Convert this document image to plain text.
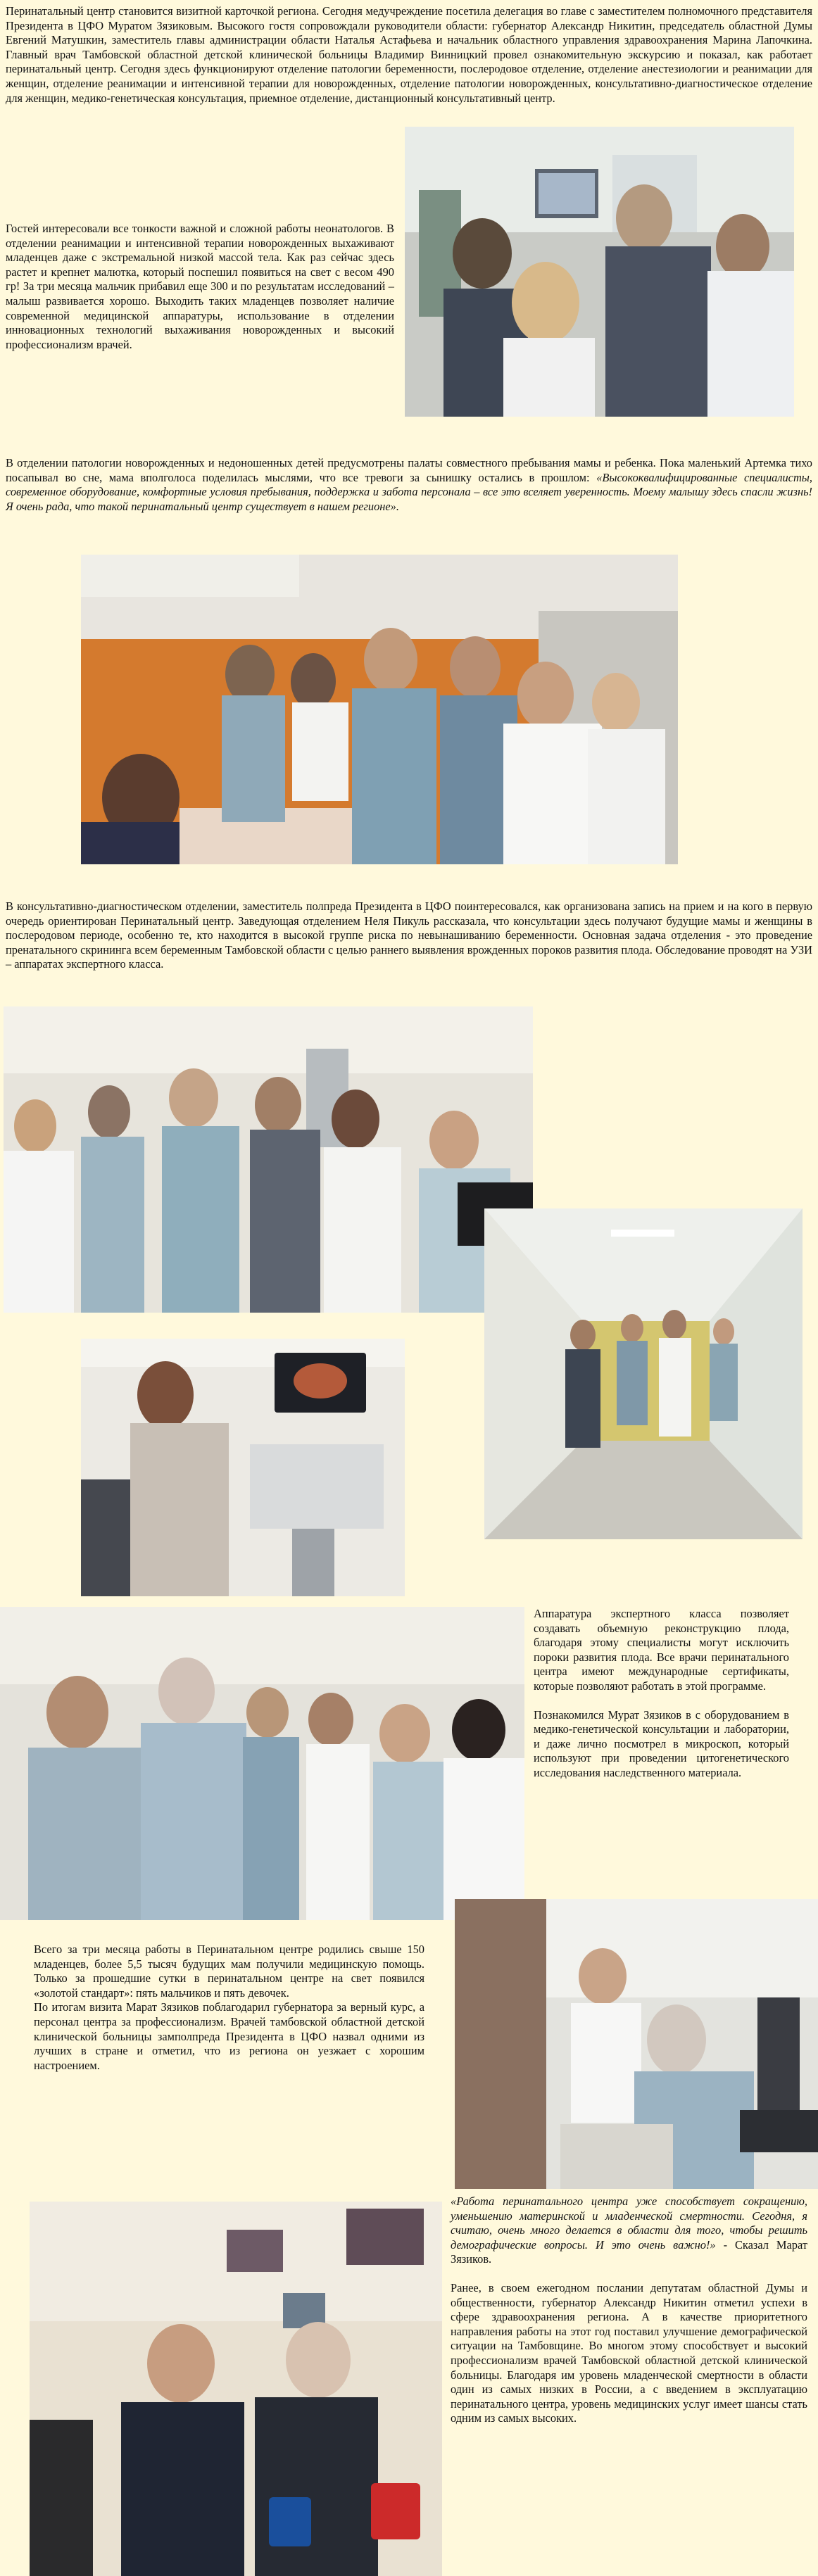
Перинатальный центр становится визитной карточкой региона. Сегодня медучреждение посетила делегация во главе с заместителем полномочного представителя Президента в ЦФО Муратом Зязиковым. Высокого гостя сопровождали руководители области: губернатор Александр Никитин, председатель областной Думы Евгений Матушкин, заместитель главы администрации области Наталья Астафьева и начальник областного управления здравоохранения Марина Лапочкина. Главный врач Тамбовской областной детской клинической больницы Владимир Винницкий провел ознакомительную экскурсию и показал, как работает перинатальный центр. Сегодня здесь функционируют отделение патологии беременности, послеродовое отделение, отделение анестезиологии и реанимации для женщин, отделение реанимации и интенсивной терапии для новорожденных, отделение патологии новорожденных, консультативно-диагностическое отделение для женщин, медико-генетическая консультация, приемное отделение, дистанционный консультативный центр.

Гостей интересовали все тонкости важной и сложной работы неонатологов. В отделении реанимации и интенсивной терапии новорожденных выхаживают младенцев даже с экстремальной низкой массой тела. Как раз сейчас здесь растет и крепнет малютка, который поспешил появиться на свет с весом 490 гр! За три месяца мальчик прибавил еще 300 и по результатам исследований – малыш развивается хорошо. Выходить таких младенцев позволяет наличие современной медицинской аппаратуры, использование в отделении инновационных технологий выхаживания новорожденных и высокий профессионализм врачей.

В отделении патологии новорожденных и недоношенных детей предусмотрены палаты совместного пребывания мамы и ребенка. Пока маленький Артемка тихо посапывал во сне, мама вполголоса поделилась мыслями, что все тревоги за сынишку остались в прошлом: «Высококвалифицированные специалисты, современное оборудование, комфортные условия пребывания, поддержка и забота персонала – все это вселяет уверенность. Моему малышу здесь спасли жизнь! Я очень рада, что такой перинатальный центр существует в нашем регионе».

В консультативно-диагностическом отделении, заместитель полпреда Президента в ЦФО поинтересовался, как организована запись на прием и на кого в первую очередь ориентирован Перинатальный центр. Заведующая отделением Неля Пикуль рассказала, что консультации здесь получают будущие мамы и женщины в послеродовом периоде, особенно те, кто находится в высокой группе риска по невынашиванию беременности. Основная задача отделения - это проведение пренатального скрининга всем беременным Тамбовской области с целью раннего выявления врожденных пороков развития плода. Обследование проводят на УЗИ – аппаратах экспертного класса.

Аппаратура экспертного класса позволяет создавать объемную реконструкцию плода, благодаря этому специалисты могут исключить пороки развития плода. Все врачи перинатального центра имеют международные сертификаты, которые позволяют работать в этой программе.

Познакомился Мурат Зязиков в с оборудованием в медико-генетической консультации и лаборатории, и даже лично посмотрел в микроскоп, который используют при проведении цитогенетического исследования наследственного материала.

Всего за три месяца работы в Перинатальном центре родились свыше 150 младенцев, более 5,5 тысяч будущих мам получили медицинскую помощь. Только за прошедшие сутки в перинатальном центре на свет появился «золотой стандарт»: пять мальчиков и пять девочек.

По итогам визита Марат Зязиков поблагодарил губернатора за верный курс, а персонал центра за профессионализм. Врачей тамбовской областной детской клинической больницы замполпреда Президента в ЦФО назвал одними из лучших в стране и отметил, что из региона он уезжает с хорошим настроением.

«Работа перинатального центра уже способствует сокращению, уменьшению материнской и младенческой смертности. Сегодня, я считаю, очень много делается в области для того, чтобы решить демографические вопросы. И это очень важно!» - Сказал Марат Зязиков.

Ранее, в своем ежегодном послании депутатам областной Думы и общественности, губернатор Александр Никитин отметил успехи в сфере здравоохранения региона. А в качестве приоритетного направления работы на этот год поставил улучшение демографической ситуации на Тамбовщине. Во многом этому способствует и высокий профессионализм врачей Тамбовской областной детской клинической больницы. Благодаря им уровень младенческой смертности в области один из самых низких в России, а с введением в эксплуатацию перинатального центра, уровень медицинских услуг имеет шансы стать одним из самых высоких.
